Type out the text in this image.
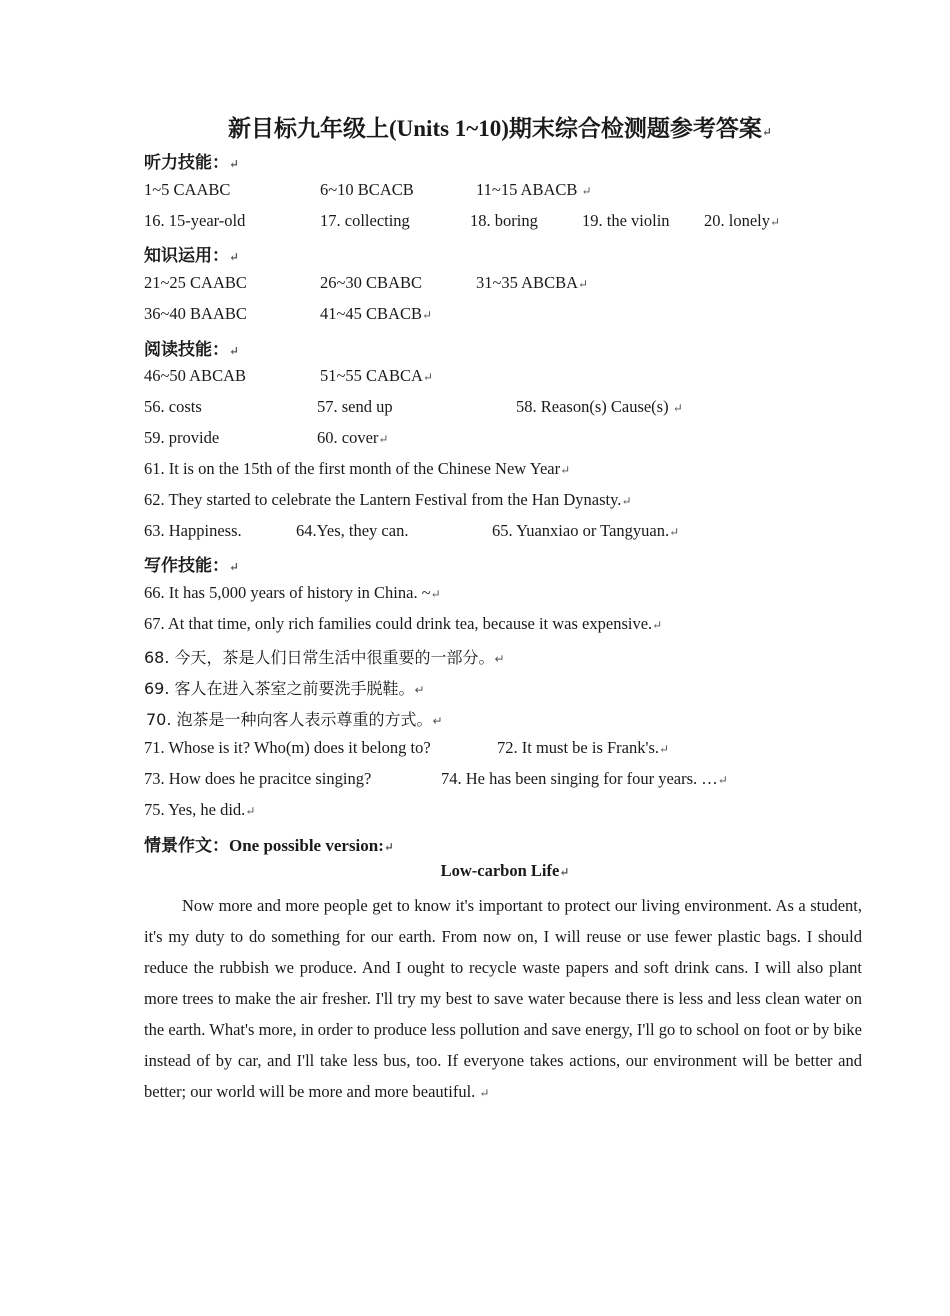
新目标九年级上(Units 1~10)期末综合检测题参考答案↵
听力技能：↵
1~5 CAABC	6~10 BCACB	11~15 ABACB ↵
16. 15-year-old	17. collecting	18. boring	19. the violin 20. lonely↵
知识运用：↵
21~25 CAABC	26~30 CBABC	31~35 ABCBA↵
36~40 BAABC	41~45 CBACB↵
阅读技能：↵
46~50 ABCAB	51~55 CABCA↵
56. costs	57. send up	58. Reason(s) Cause(s) ↵
59. provide	60. cover↵
61. It is on the 15th of the first month of the Chinese New Year↵
62. They started to celebrate the Lantern Festival from the Han Dynasty.↵
63. Happiness.	64.Yes, they can.	65. Yuanxiao or Tangyuan.↵
写作技能：↵
66. It has 5,000 years of history in China. ~↵
67. At that time, only rich families could drink tea, because it was expensive.↵
68. 今天，茶是人们日常生活中很重要的一部分。↵
69. 客人在进入茶室之前要洗手脱鞋。↵
70. 泡茶是一种向客人表示尊重的方式。↵
71. Whose is it? Who(m) does it belong to?	72. It must be is Frank's.↵
73. How does he pracitce singing?	74. He has been singing for four years. …↵
75. Yes, he did.↵
情景作文：One possible version:↵
Low-carbon Life↵
Now more and more people get to know it's important to protect our living environment. As a student, it's my duty to do something for our earth. From now on, I will reuse or use fewer plastic bags. I should reduce the rubbish we produce. And I ought to recycle waste papers and soft drink cans. I will also plant more trees to make the air fresher. I'll try my best to save water because there is less and less clean water on the earth. What's more, in order to produce less pollution and save energy, I'll go to school on foot or by bike instead of by car, and I'll take less bus, too. If everyone takes actions, our environment will be better and better; our world will be more and more beautiful. ↵
